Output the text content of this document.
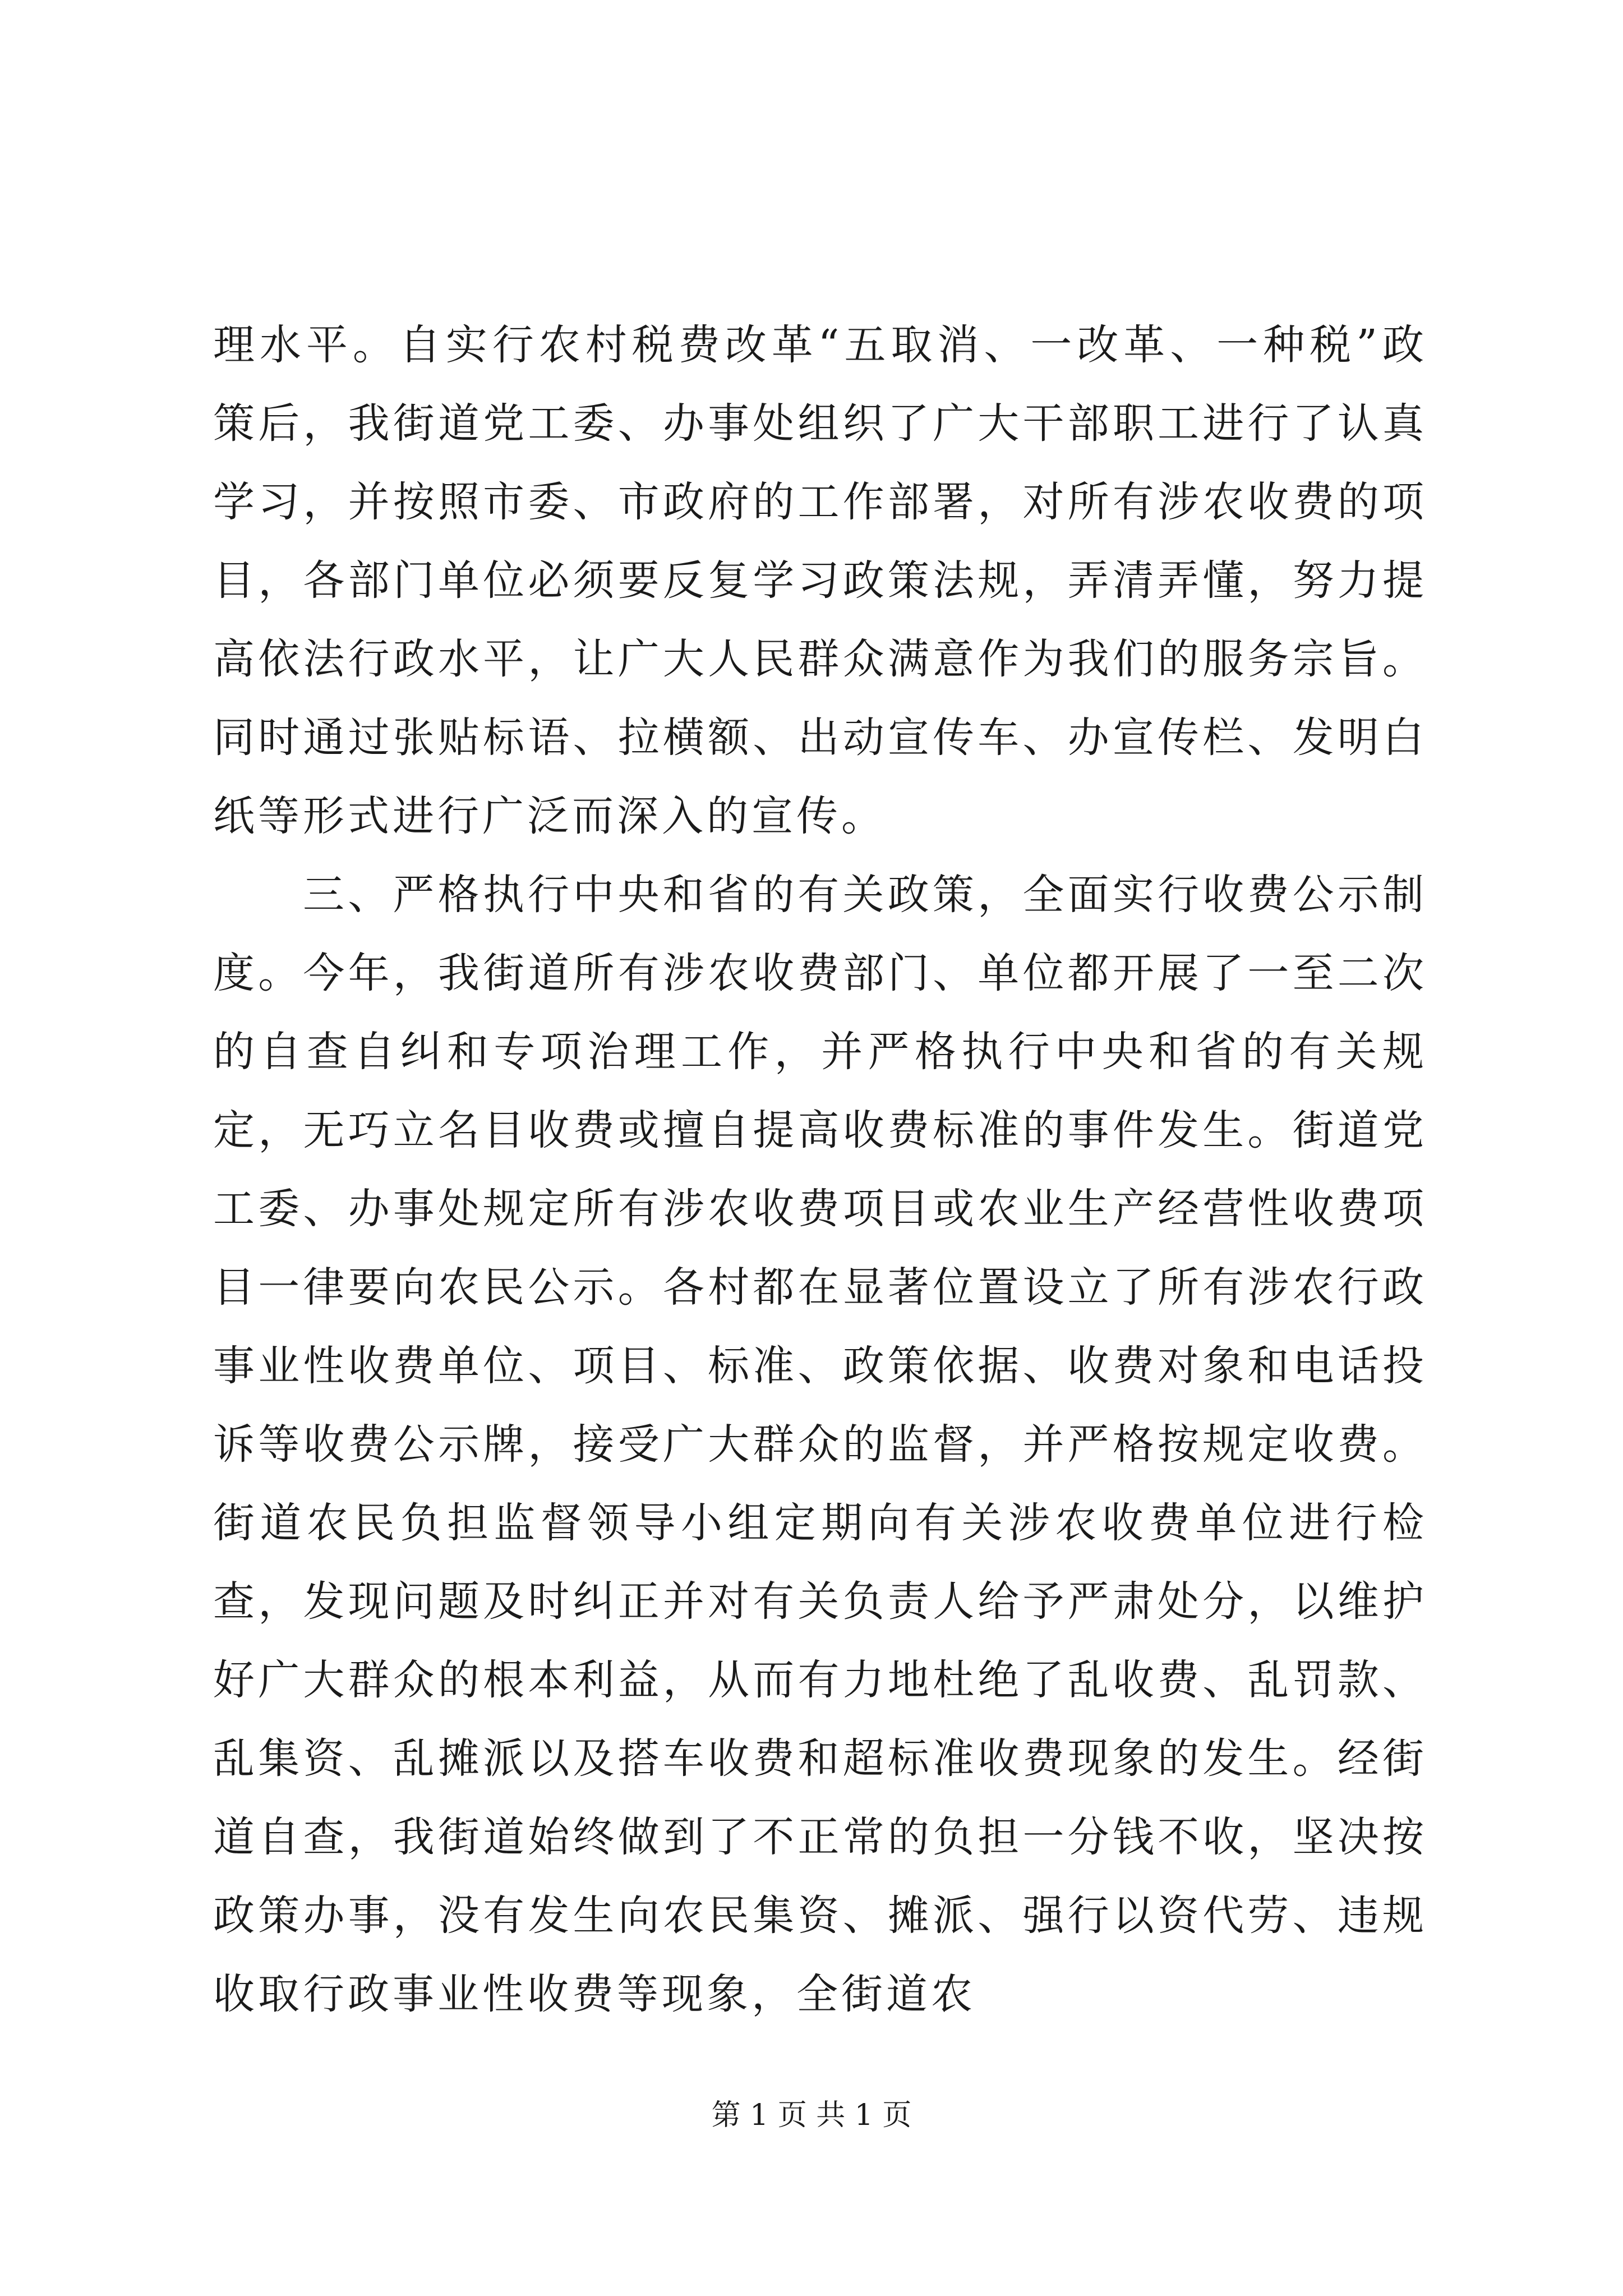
理水平。自实行农村税费改革“五取消、一改革、一种税”政策后，我街道党工委、办事处组织了广大干部职工进行了认真学习，并按照市委、市政府的工作部署，对所有涉农收费的项目，各部门单位必须要反复学习政策法规，弄清弄懂，努力提高依法行政水平，让广大人民群众满意作为我们的服务宗旨。同时通过张贴标语、拉横额、出动宣传车、办宣传栏、发明白纸等形式进行广泛而深入的宣传。

三、严格执行中央和省的有关政策，全面实行收费公示制度。今年，我街道所有涉农收费部门、单位都开展了一至二次的自查自纠和专项治理工作，并严格执行中央和省的有关规定，无巧立名目收费或擅自提高收费标准的事件发生。街道党工委、办事处规定所有涉农收费项目或农业生产经营性收费项目一律要向农民公示。各村都在显著位置设立了所有涉农行政事业性收费单位、项目、标准、政策依据、收费对象和电话投诉等收费公示牌，接受广大群众的监督，并严格按规定收费。街道农民负担监督领导小组定期向有关涉农收费单位进行检查，发现问题及时纠正并对有关负责人给予严肃处分，以维护好广大群众的根本利益，从而有力地杜绝了乱收费、乱罚款、乱集资、乱摊派以及搭车收费和超标准收费现象的发生。经街道自查，我街道始终做到了不正常的负担一分钱不收，坚决按政策办事，没有发生向农民集资、摊派、强行以资代劳、违规收取行政事业性收费等现象，全街道农

第 1 页 共 1 页
